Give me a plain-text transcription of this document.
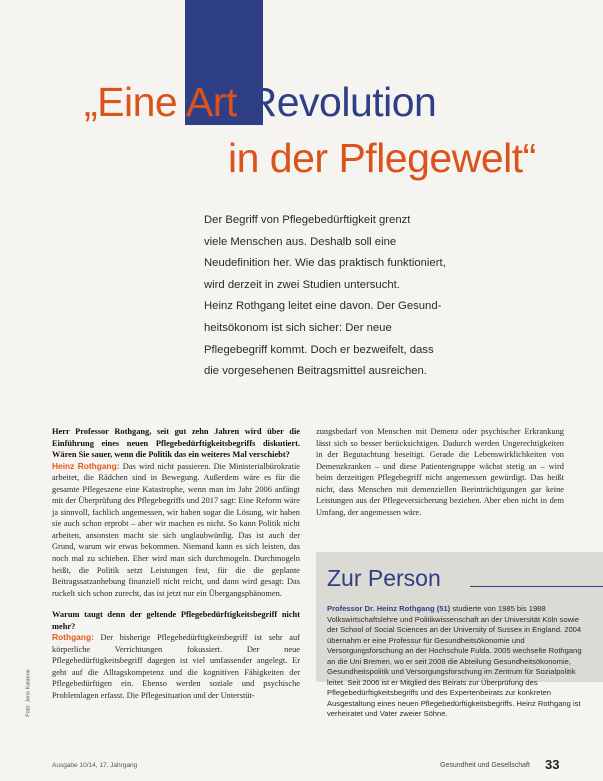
„Eine Art Revolution
in der Pflegewelt“

Der Begriff von Pflegebedürftigkeit grenzt

viele Menschen aus. Deshalb soll eine

Neudefinition her. Wie das praktisch funktioniert,

wird derzeit in zwei Studien untersucht.

Heinz Rothgang leitet eine davon. Der Gesund-

heitsökonom ist sich sicher: Der neue

Pflegebegriff kommt. Doch er bezweifelt, dass

die vorgesehenen Beitragsmittel ausreichen.

Herr Professor Rothgang, seit gut zehn Jahren wird über die Einführung eines neuen Pflegebedürftigkeitsbegriffs diskutiert. Wären Sie sauer, wenn die Politik das ein weiteres Mal verschiebt?
Heinz Rothgang: Das wird nicht passieren. Die Ministerialbürokratie arbeitet, die Rädchen sind in Bewegung. Außerdem wäre es für die gesamte Pflegeszene eine Katastrophe, wenn man im Jahr 2006 anfängt mit der Überprüfung des Pflegebegriffs und 2017 sagt: Eine Reform wäre ja sinnvoll, fachlich angemessen, wir haben sogar die Lösung, wir haben sie auch schon erprobt – aber wir machen es nicht. So kann Politik nicht arbeiten, ansonsten macht sie sich unglaubwürdig. Das ist auch der Grund, warum wir etwas bekommen. Niemand kann es sich leisten, das noch mal zu schieben. Eher wird man sich durchmogeln. Durchmogeln heißt, die Politik setzt Leistungen fest, für die die geplante Beitragssatzanhebung finanziell nicht reicht, und dann wird gesagt: Das ruckelt sich schon zurecht, das ist jetzt nur ein Übergangsphänomen.

Warum taugt denn der geltende Pflegebedürftigkeitsbegriff nicht mehr?
Rothgang: Der bisherige Pflegebedürftigkeitsbegriff ist sehr auf körperliche Verrichtungen fokussiert. Der neue Pflegebedürftigkeitsbegriff dagegen ist viel umfassender angelegt. Er geht auf die Alltagskompetenz und die kognitiven Fähigkeiten der Pflegebedürftigen ein. Ebenso werden soziale und psychische Problemlagen erfasst. Die Pflegesituation und der Unterstüt-

zungsbedarf von Menschen mit Demenz oder psychischer Erkrankung lässt sich so besser berücksichtigen. Dadurch werden Ungerechtigkeiten in der Begutachtung beseitigt. Gerade die Lebenswirklichkeiten von Demenzkranken – und diese Patientengruppe wächst stetig an – wird beim derzeitigen Pflegebegriff nicht angemessen gewürdigt. Das heißt nicht, dass Menschen mit demenziellen Beeinträchtigungen gar keine Leistungen aus der Pflegeversicherung beziehen. Aber eben nicht in dem Umfang, der angemessen wäre.

Zur Person
Professor Dr. Heinz Rothgang (51) studierte von 1985 bis 1988 Volkswirtschaftslehre und Politikwissenschaft an der Universität Köln sowie der School of Social Sciences an der University of Sussex in England. 2004 übernahm er eine Professur für Gesundheitsökonomie und Versorgungsforschung an der Hochschule Fulda. 2005 wechselte Rothgang an die Uni Bremen, wo er seit 2008 die Abteilung Gesundheitsökonomie, Gesundheitspolitik und Versorgungsforschung im Zentrum für Sozialpolitik leitet. Seit 2006 ist er Mitglied des Beirats zur Überprüfung des Pflegebedürftigkeitsbegriffs und des Expertenbeirats zur konkreten Ausgestaltung eines neuen Pflegebedürftigkeitsbegriffs. Heinz Rothgang ist verheiratet und Vater zweier Söhne.
Foto: Jens Kalaene
Ausgabe 10/14, 17. Jahrgang	Gesundheit und Gesellschaft 33
